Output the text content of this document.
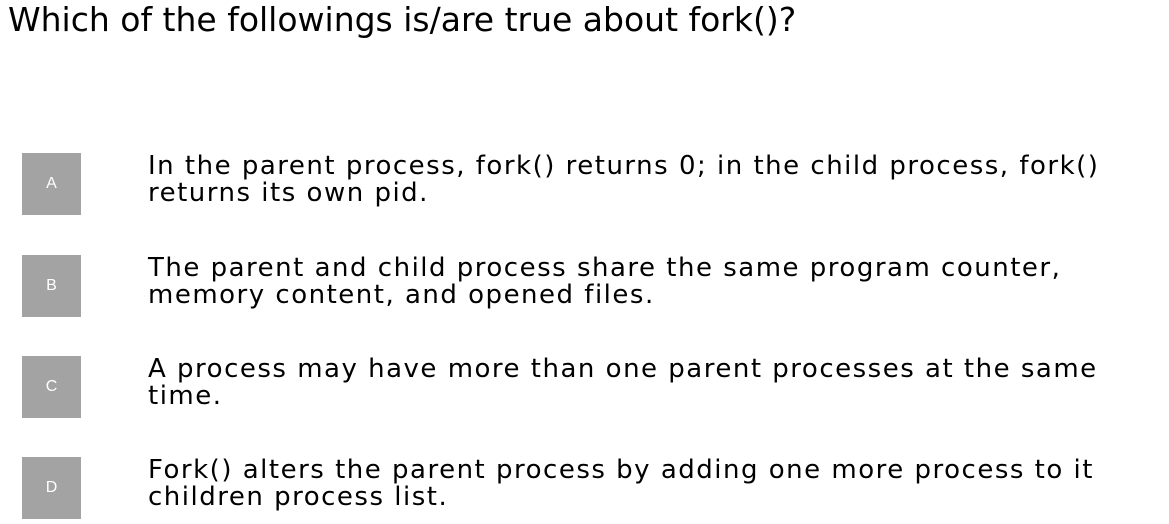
Which of the followings is/are true about fork()?
A

In the parent process, fork() returns 0; in the child process, fork() returns its own pid.

B

The parent and child process share the same program counter, memory content, and opened files.

C

A process may have more than one parent processes at the same time.

D

Fork() alters the parent process by adding one more process to it children process list.
